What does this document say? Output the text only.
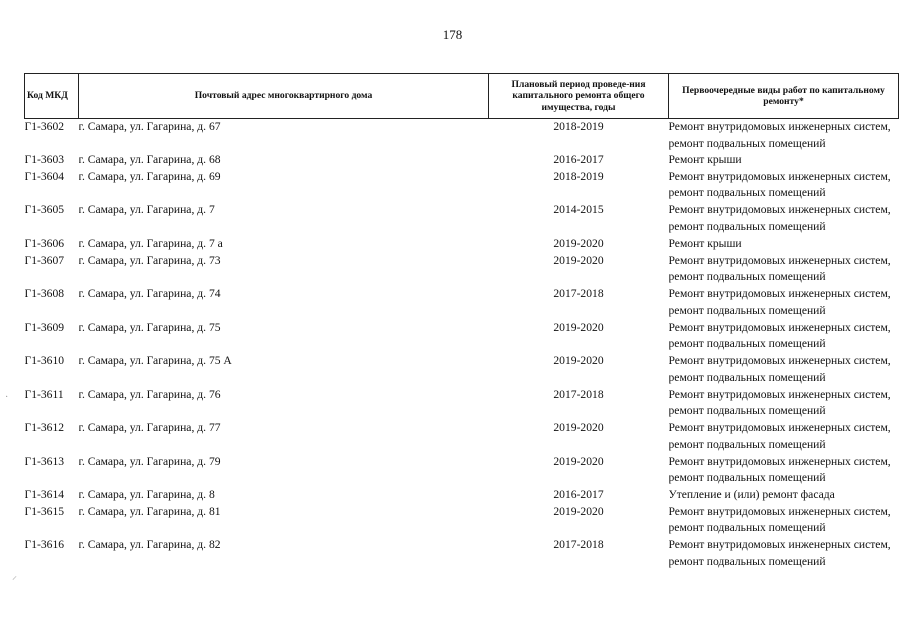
178
Код МКД	Почтовый адрес многоквартирного дома	Плановый период проведе-ния капитального ремонта общего имущества, годы	Первоочередные виды работ по капитальному ремонту*
Г1-3602	г. Самара, ул. Гагарина, д. 67	2018-2019	Ремонт внутридомовых инженерных систем,
ремонт подвальных помещений

Г1-3603	г. Самара, ул. Гагарина, д. 68	2016-2017	Ремонт крыши

Г1-3604	г. Самара, ул. Гагарина, д. 69	2018-2019	Ремонт внутридомовых инженерных систем,
ремонт подвальных помещений

Г1-3605	г. Самара, ул. Гагарина, д. 7	2014-2015	Ремонт внутридомовых инженерных систем,
ремонт подвальных помещений

Г1-3606	г. Самара, ул. Гагарина, д. 7 а	2019-2020	Ремонт крыши

Г1-3607	г. Самара, ул. Гагарина, д. 73	2019-2020	Ремонт внутридомовых инженерных систем,
ремонт подвальных помещений

Г1-3608	г. Самара, ул. Гагарина, д. 74	2017-2018	Ремонт внутридомовых инженерных систем,
ремонт подвальных помещений

Г1-3609	г. Самара, ул. Гагарина, д. 75	2019-2020	Ремонт внутридомовых инженерных систем,
ремонт подвальных помещений

Г1-3610	г. Самара, ул. Гагарина, д. 75 А	2019-2020	Ремонт внутридомовых инженерных систем,
ремонт подвальных помещений

Г1-3611	г. Самара, ул. Гагарина, д. 76	2017-2018	Ремонт внутридомовых инженерных систем,
ремонт подвальных помещений

Г1-3612	г. Самара, ул. Гагарина, д. 77	2019-2020	Ремонт внутридомовых инженерных систем,
ремонт подвальных помещений

Г1-3613	г. Самара, ул. Гагарина, д. 79	2019-2020	Ремонт внутридомовых инженерных систем,
ремонт подвальных помещений

Г1-3614	г. Самара, ул. Гагарина, д. 8	2016-2017	Утепление и (или) ремонт фасада

Г1-3615	г. Самара, ул. Гагарина, д. 81	2019-2020	Ремонт внутридомовых инженерных систем,
ремонт подвальных помещений

Г1-3616	г. Самара, ул. Гагарина, д. 82	2017-2018	Ремонт внутридомовых инженерных систем,
ремонт подвальных помещений
·
⸝
